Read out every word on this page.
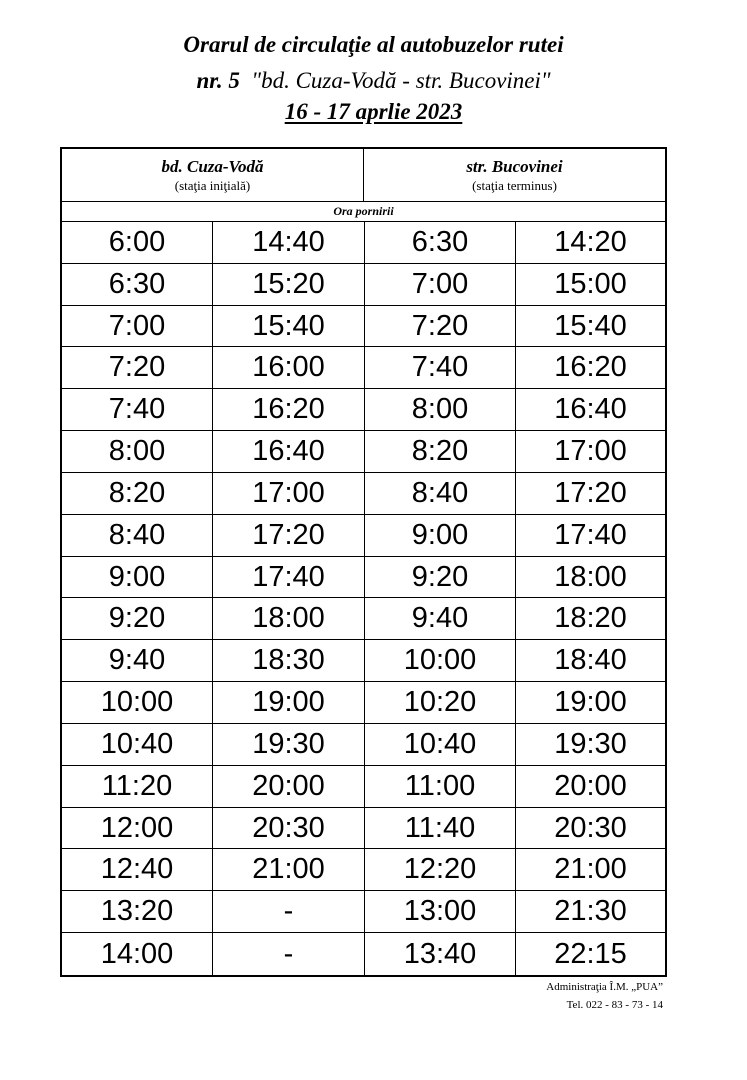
Orarul de circulaţie al autobuzelor rutei
nr. 5 "bd. Cuza-Vodă - str. Bucovinei"
16 - 17 aprlie 2023
bd. Cuza-Vodă
(staţia iniţială)
str. Bucovinei
(staţia terminus)
Ora pornirii
6:00	14:40	6:30	14:20
6:30	15:20	7:00	15:00
7:00	15:40	7:20	15:40
7:20	16:00	7:40	16:20
7:40	16:20	8:00	16:40
8:00	16:40	8:20	17:00
8:20	17:00	8:40	17:20
8:40	17:20	9:00	17:40
9:00	17:40	9:20	18:00
9:20	18:00	9:40	18:20
9:40	18:30	10:00	18:40
10:00	19:00	10:20	19:00
10:40	19:30	10:40	19:30
11:20	20:00	11:00	20:00
12:00	20:30	11:40	20:30
12:40	21:00	12:20	21:00
13:20	-	13:00	21:30
14:00	-	13:40	22:15
Administraţia Î.M. „PUA”
Tel. 022 - 83 - 73 - 14
